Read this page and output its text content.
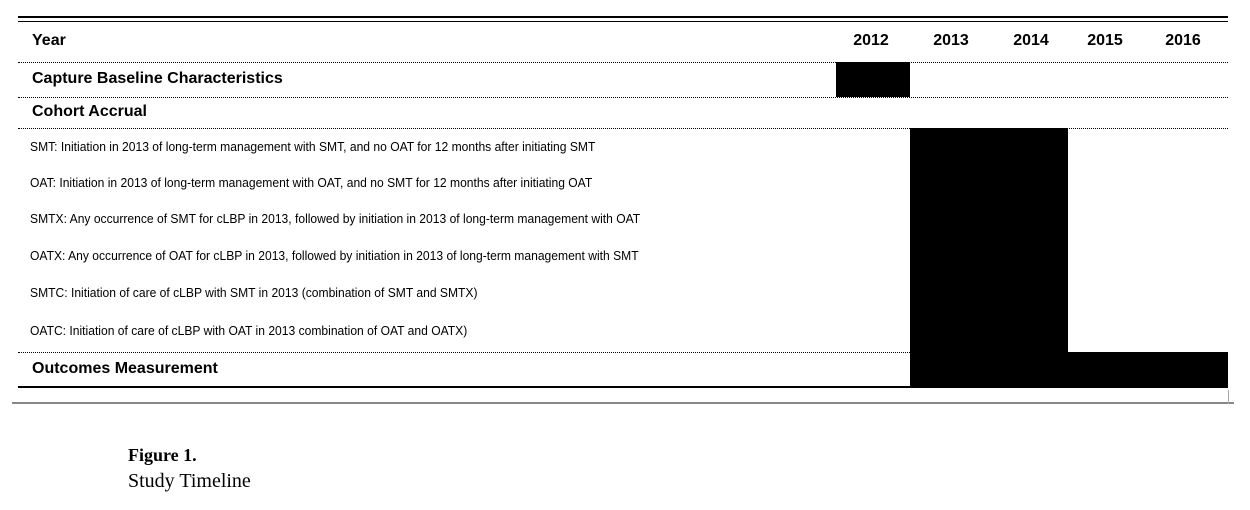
Year	2012	2013	2014	2015	2016
Capture Baseline Characteristics
Cohort Accrual
SMT: Initiation in 2013 of long-term management with SMT, and no OAT for 12 months after initiating SMT
OAT: Initiation in 2013 of long-term management with OAT, and no SMT for 12 months after initiating OAT
SMTX: Any occurrence of SMT for cLBP in 2013, followed by initiation in 2013 of long-term management with OAT
OATX: Any occurrence of OAT for cLBP in 2013, followed by initiation in 2013 of long-term management with SMT
SMTC: Initiation of care of cLBP with SMT in 2013 (combination of SMT and SMTX)
OATC: Initiation of care of cLBP with OAT in 2013 combination of OAT and OATX)
Outcomes Measurement
Figure 1.
Study Timeline
